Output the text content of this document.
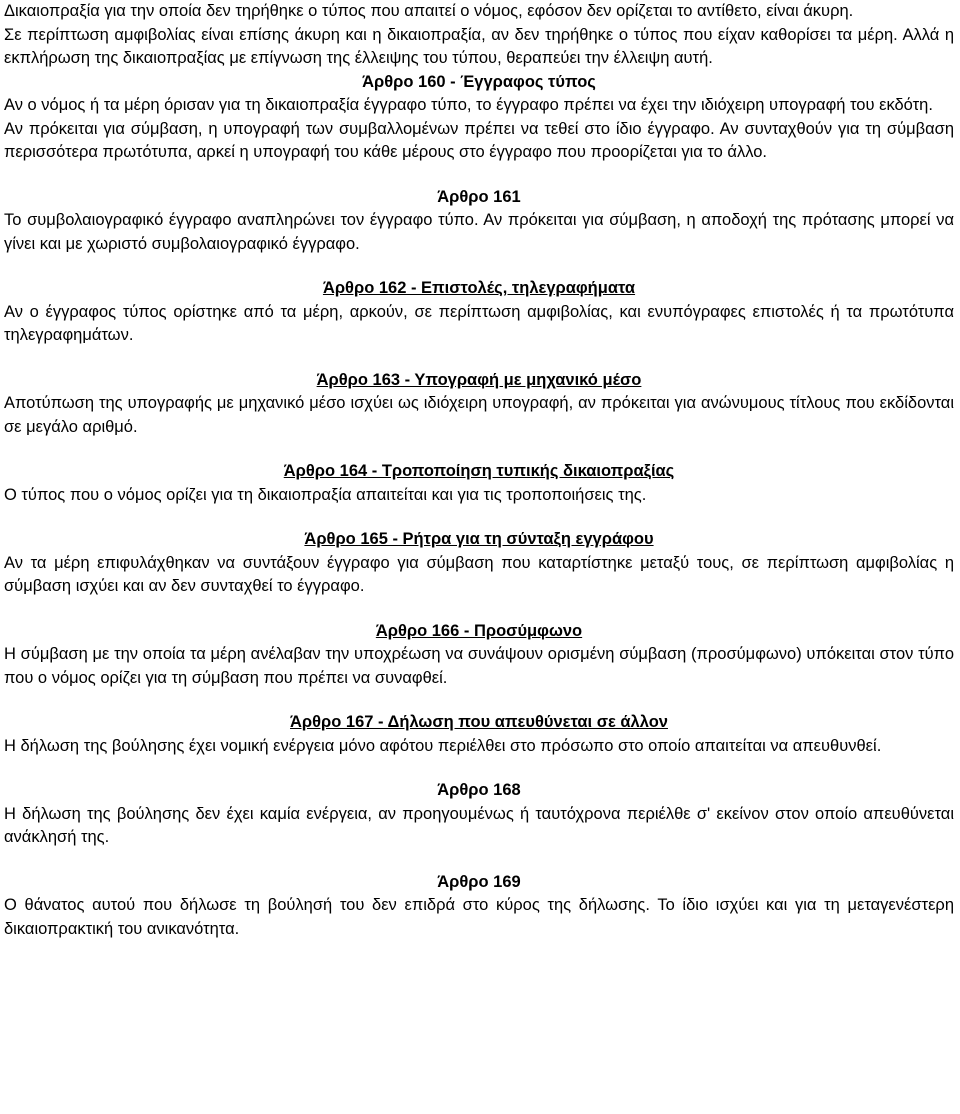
Δικαιοπραξία για την οποία δεν τηρήθηκε ο τύπος που απαιτεί ο νόμος, εφόσον δεν ορίζεται το αντίθετο, είναι άκυρη.

Σε περίπτωση αμφιβολίας είναι επίσης άκυρη και η δικαιοπραξία, αν δεν τηρήθηκε ο τύπος που είχαν καθορίσει τα μέρη. Αλλά η εκπλήρωση της δικαιοπραξίας με επίγνωση της έλλειψης του τύπου, θεραπεύει την έλλειψη αυτή.

Άρθρο 160 - Έγγραφος τύπος

Αν ο νόμος ή τα μέρη όρισαν για τη δικαιοπραξία έγγραφο τύπο, το έγγραφο πρέπει να έχει την ιδιόχειρη υπογραφή του εκδότη.

Αν πρόκειται για σύμβαση, η υπογραφή των συμβαλλομένων πρέπει να τεθεί στο ίδιο έγγραφο. Αν συνταχθούν για τη σύμβαση περισσότερα πρωτότυπα, αρκεί η υπογραφή του κάθε μέρους στο έγγραφο που προορίζεται για το άλλο.

Άρθρο 161

Το συμβολαιογραφικό έγγραφο αναπληρώνει τον έγγραφο τύπο. Αν πρόκειται για σύμβαση, η αποδοχή της πρότασης μπορεί να γίνει και με χωριστό συμβολαιογραφικό έγγραφο.

Άρθρο 162 - Επιστολές, τηλεγραφήματα

Αν ο έγγραφος τύπος ορίστηκε από τα μέρη, αρκούν, σε περίπτωση αμφιβολίας, και ενυπόγραφες επιστολές ή τα πρωτότυπα τηλεγραφημάτων.

Άρθρο 163 - Υπογραφή με μηχανικό μέσο

Αποτύπωση της υπογραφής με μηχανικό μέσο ισχύει ως ιδιόχειρη υπογραφή, αν πρόκειται για ανώνυμους τίτλους που εκδίδονται σε μεγάλο αριθμό.

Άρθρο 164 - Τροποποίηση τυπικής δικαιοπραξίας

Ο τύπος που ο νόμος ορίζει για τη δικαιοπραξία απαιτείται και για τις τροποποιήσεις της.

Άρθρο 165 - Ρήτρα για τη σύνταξη εγγράφου

Αν τα μέρη επιφυλάχθηκαν να συντάξουν έγγραφο για σύμβαση που καταρτίστηκε μεταξύ τους, σε περίπτωση αμφιβολίας η σύμβαση ισχύει και αν δεν συνταχθεί το έγγραφο.

Άρθρο 166 - Προσύμφωνο

Η σύμβαση με την οποία τα μέρη ανέλαβαν την υποχρέωση να συνάψουν ορισμένη σύμβαση (προσύμφωνο) υπόκειται στον τύπο που ο νόμος ορίζει για τη σύμβαση που πρέπει να συναφθεί.

Άρθρο 167 - Δήλωση που απευθύνεται σε άλλον

Η δήλωση της βούλησης έχει νομική ενέργεια μόνο αφότου περιέλθει στο πρόσωπο στο οποίο απαιτείται να απευθυνθεί.

Άρθρο 168

Η δήλωση της βούλησης δεν έχει καμία ενέργεια, αν προηγουμένως ή ταυτόχρονα περιέλθε σ' εκείνον στον οποίο απευθύνεται ανάκλησή της.

Άρθρο 169

Ο θάνατος αυτού που δήλωσε τη βούλησή του δεν επιδρά στο κύρος της δήλωσης. Το ίδιο ισχύει και για τη μεταγενέστερη δικαιοπρακτική του ανικανότητα.
